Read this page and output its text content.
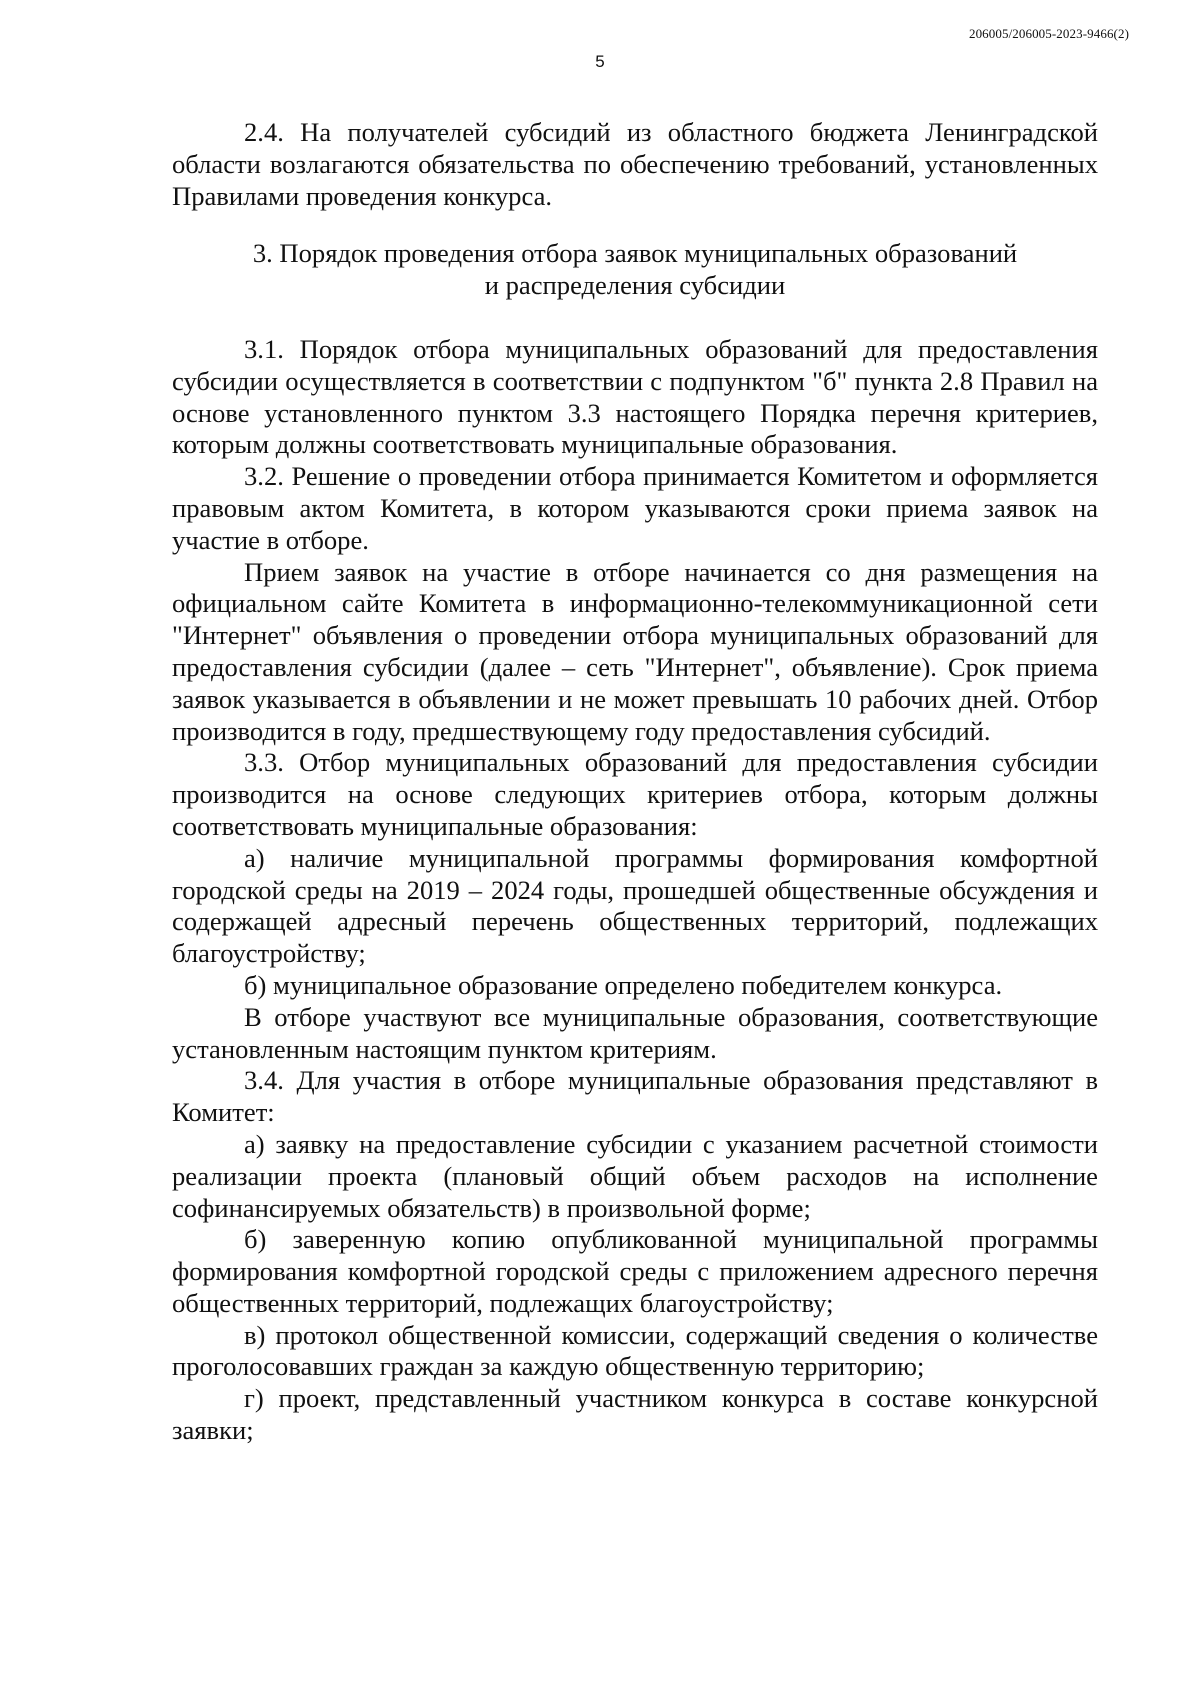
206005/206005-2023-9466(2)
5

2.4. На получателей субсидий из областного бюджета Ленинградской области возлагаются обязательства по обеспечению требований, установленных Правилами проведения конкурса.

3. Порядок проведения отбора заявок муниципальных образований и распределения субсидии

3.1. Порядок отбора муниципальных образований для предоставления субсидии осуществляется в соответствии с подпунктом "б" пункта 2.8 Правил на основе установленного пунктом 3.3 настоящего Порядка перечня критериев, которым должны соответствовать муниципальные образования.

3.2. Решение о проведении отбора принимается Комитетом и оформляется правовым актом Комитета, в котором указываются сроки приема заявок на участие в отборе.

Прием заявок на участие в отборе начинается со дня размещения на официальном сайте Комитета в информационно-телекоммуникационной сети "Интернет" объявления о проведении отбора муниципальных образований для предоставления субсидии (далее – сеть "Интернет", объявление). Срок приема заявок указывается в объявлении и не может превышать 10 рабочих дней. Отбор производится в году, предшествующему году предоставления субсидий.

3.3. Отбор муниципальных образований для предоставления субсидии производится на основе следующих критериев отбора, которым должны соответствовать муниципальные образования:

а) наличие муниципальной программы формирования комфортной городской среды на 2019 – 2024 годы, прошедшей общественные обсуждения и содержащей адресный перечень общественных территорий, подлежащих благоустройству;

б) муниципальное образование определено победителем конкурса.

В отборе участвуют все муниципальные образования, соответствующие установленным настоящим пунктом критериям.

3.4. Для участия в отборе муниципальные образования представляют в Комитет:

а) заявку на предоставление субсидии с указанием расчетной стоимости реализации проекта (плановый общий объем расходов на исполнение софинансируемых обязательств) в произвольной форме;

б) заверенную копию опубликованной муниципальной программы формирования комфортной городской среды с приложением адресного перечня общественных территорий, подлежащих благоустройству;

в) протокол общественной комиссии, содержащий сведения о количестве проголосовавших граждан за каждую общественную территорию;

г) проект, представленный участником конкурса в составе конкурсной заявки;
